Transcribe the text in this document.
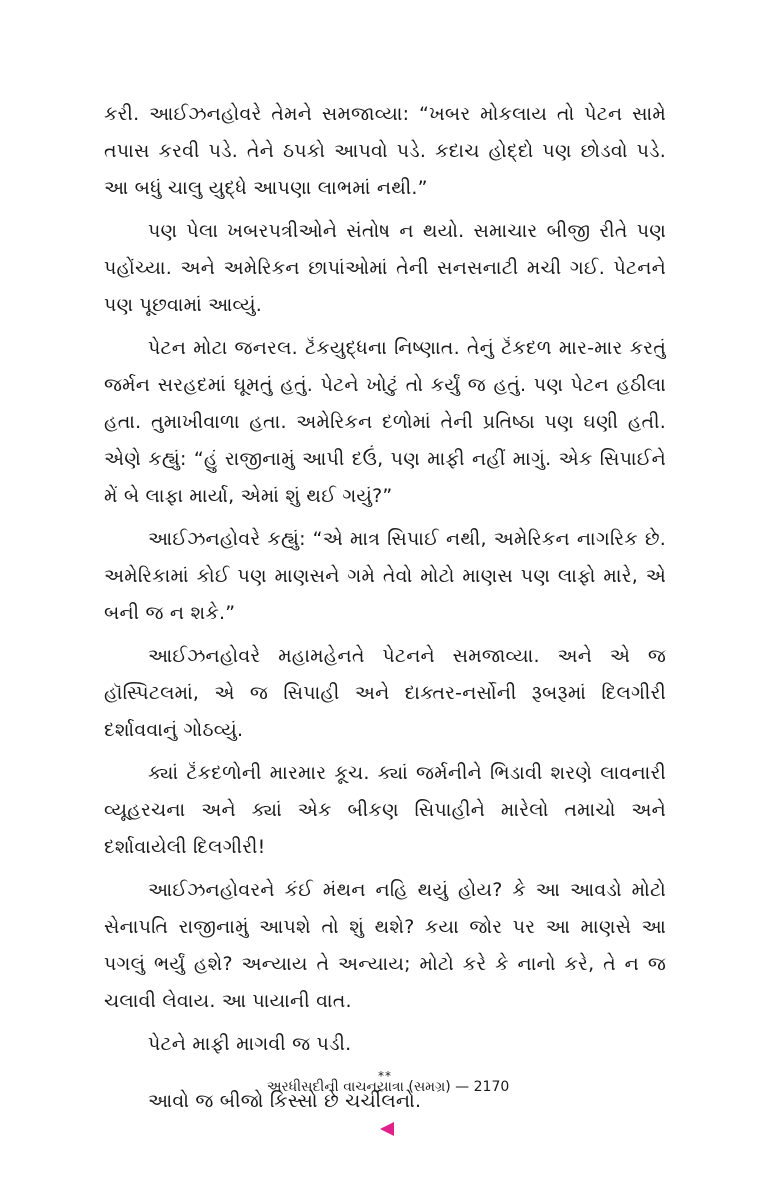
કરી. આઈઝનહોવરે તેમને સમજાવ્યા: “ખબર મોકલાય તો પેટન સામે તપાસ કરવી પડે. તેને ઠપકો આપવો પડે. કદાચ હોદ્દો પણ છોડવો પડે. આ બધું ચાલુ યુદ્ધે આપણા લાભમાં નથી.”

પણ પેલા ખબરપત્રીઓને સંતોષ ન થયો. સમાચાર બીજી રીતે પણ પહોંચ્યા. અને અમેરિકન છાપાંઓમાં તેની સનસનાટી મચી ગઈ. પેટનને પણ પૂછવામાં આવ્યું.

પેટન મોટા જનરલ. ટૅંકયુદ્ધના નિષ્ણાત. તેનું ટૅંકદળ માર-માર કરતું જર્મન સરહદમાં ઘૂમતું હતું. પેટને ખોટું તો કર્યું જ હતું. પણ પેટન હઠીલા હતા. તુમાખીવાળા હતા. અમેરિકન દળોમાં તેની પ્રતિષ્ઠા પણ ઘણી હતી. એણે કહ્યું: “હું રાજીનામું આપી દઉં, પણ માફી નહીં માગું. એક સિપાઈને મેં બે લાફા માર્યા, એમાં શું થઈ ગયું?”

આઈઝનહોવરે કહ્યું: “એ માત્ર સિપાઈ નથી, અમેરિકન નાગરિક છે. અમેરિકામાં કોઈ પણ માણસને ગમે તેવો મોટો માણસ પણ લાફો મારે, એ બની જ ન શકે.”

આઈઝનહોવરે મહામહેનતે પેટનને સમજાવ્યા. અને એ જ હૉસ્પિટલમાં, એ જ સિપાહી અને દાક્તર-નર્સોની રૂબરૂમાં દિલગીરી દર્શાવવાનું ગોઠવ્યું.

ક્યાં ટૅંકદળોની મારમાર કૂચ. ક્યાં જર્મનીને ભિડાવી શરણે લાવનારી વ્યૂહરચના અને ક્યાં એક બીકણ સિપાહીને મારેલો તમાચો અને દર્શાવાયેલી દિલગીરી!

આઈઝનહોવરને કંઈ મંથન નહિ થયું હોય? કે આ આવડો મોટો સેનાપતિ રાજીનામું આપશે તો શું થશે? કયા જોર પર આ માણસે આ પગલું ભર્યું હશે? અન્યાય તે અન્યાય; મોટો કરે કે નાનો કરે, તે ન જ ચલાવી લેવાય. આ પાયાની વાત.

પેટને માફી માગવી જ પડી.

**

આવો જ બીજો કિસ્સો છે ચર્ચીલનો.

અરધીસદીની વાચનયાત્રા (સમગ્ર) — 2170
